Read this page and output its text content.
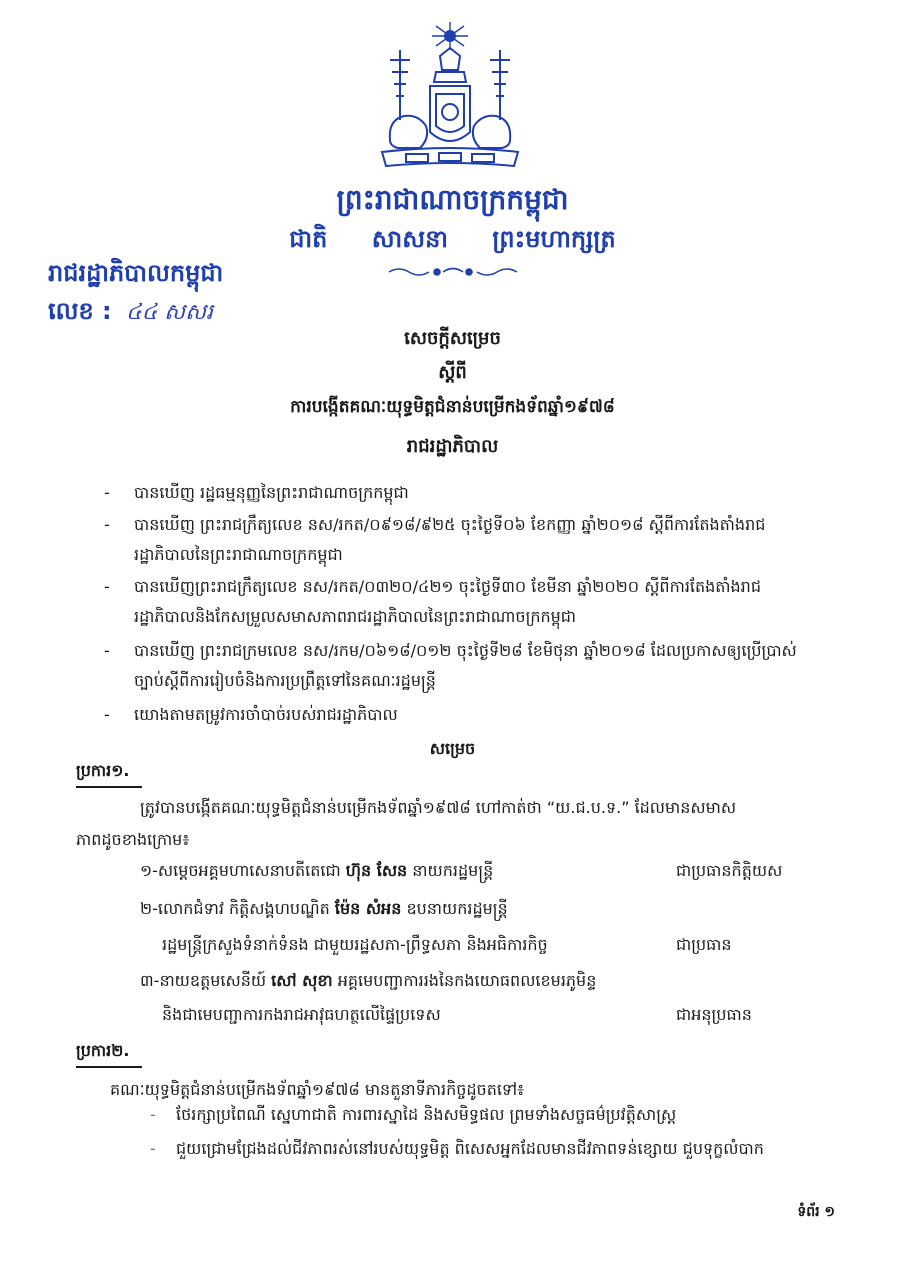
ព្រះរាជាណាចក្រកម្ពុជា
ជាតិ សាសនា ព្រះមហាក្សត្រ
រាជរដ្ឋាភិបាលកម្ពុជា
លេខ : ៤៤ សសរ
សេចក្ដីសម្រេច
ស្ដីពី
ការបង្កើតគណៈយុទ្ធមិត្តជំនាន់បម្រើកងទ័ពឆ្នាំ១៩៧៨
រាជរដ្ឋាភិបាល
-	បានឃើញ រដ្ឋធម្មនុញ្ញនៃព្រះរាជាណាចក្រកម្ពុជា
-	បានឃើញ ព្រះរាជក្រឹត្យលេខ នស/រកត/០៩១៨/៩២៥ ចុះថ្ងៃទី០៦ ខែកញ្ញា ឆ្នាំ២០១៨ ស្ដីពីការតែងតាំងរាជរដ្ឋាភិបាលនៃព្រះរាជាណាចក្រកម្ពុជា
-	បានឃើញព្រះរាជក្រឹត្យលេខ នស/រកត/០៣២០/៤២១ ចុះថ្ងៃទី៣០ ខែមីនា ឆ្នាំ២០២០ ស្ដីពីការតែងតាំងរាជរដ្ឋាភិបាលនិងកែសម្រួលសមាសភាពរាជរដ្ឋាភិបាលនៃព្រះរាជាណាចក្រកម្ពុជា
-	បានឃើញ ព្រះរាជក្រមលេខ នស/រកម/០៦១៨/០១២ ចុះថ្ងៃទី២៨ ខែមិថុនា ឆ្នាំ២០១៨ ដែលប្រកាសឲ្យប្រើប្រាស់ច្បាប់ស្ដីពីការរៀបចំនិងការប្រព្រឹត្តទៅនៃគណៈរដ្ឋមន្ត្រី
-	យោងតាមតម្រូវការចាំបាច់របស់រាជរដ្ឋាភិបាល
សម្រេច
ប្រការ១.
ត្រូវបានបង្កើតគណៈយុទ្ធមិត្តជំនាន់បម្រើកងទ័ពឆ្នាំ១៩៧៨ ហៅកាត់ថា “យ.ជ.ប.ទ.” ដែលមានសមាស
ភាពដូចខាងក្រោម៖
១-សម្ដេចអគ្គមហាសេនាបតីតេជោ ហ៊ុន សែន នាយករដ្ឋមន្ត្រី	ជាប្រធានកិត្តិយស
២-លោកជំទាវ កិត្តិសង្គហបណ្ឌិត ម៉ែន សំអន ឧបនាយករដ្ឋមន្ត្រី
រដ្ឋមន្ត្រីក្រសួងទំនាក់ទំនង ជាមួយរដ្ឋសភា-ព្រឹទ្ធសភា និងអធិការកិច្ច	ជាប្រធាន
៣-នាយឧត្ដមសេនីយ៍ សៅ សុខា អគ្គមេបញ្ជាការរងនៃកងយោធពលខេមរភូមិន្ទ
និងជាមេបញ្ជាការកងរាជអាវុធហត្ថលើផ្ទៃប្រទេស	ជាអនុប្រធាន
ប្រការ២.
គណៈយុទ្ធមិត្តជំនាន់បម្រើកងទ័ពឆ្នាំ១៩៧៨ មានតួនាទីភារកិច្ចដូចតទៅ៖
-	ថែរក្សាប្រពៃណី ស្នេហាជាតិ ការពារស្នាដៃ និងសមិទ្ធផល ព្រមទាំងសច្ចធម៌ប្រវត្តិសាស្ត្រ
-	ជួយជ្រោមជ្រែងដល់ជីវភាពរស់នៅរបស់យុទ្ធមិត្ត ពិសេសអ្នកដែលមានជីវភាពទន់ខ្សោយ ជួបទុក្ខលំបាក
ទំព័រ ១
